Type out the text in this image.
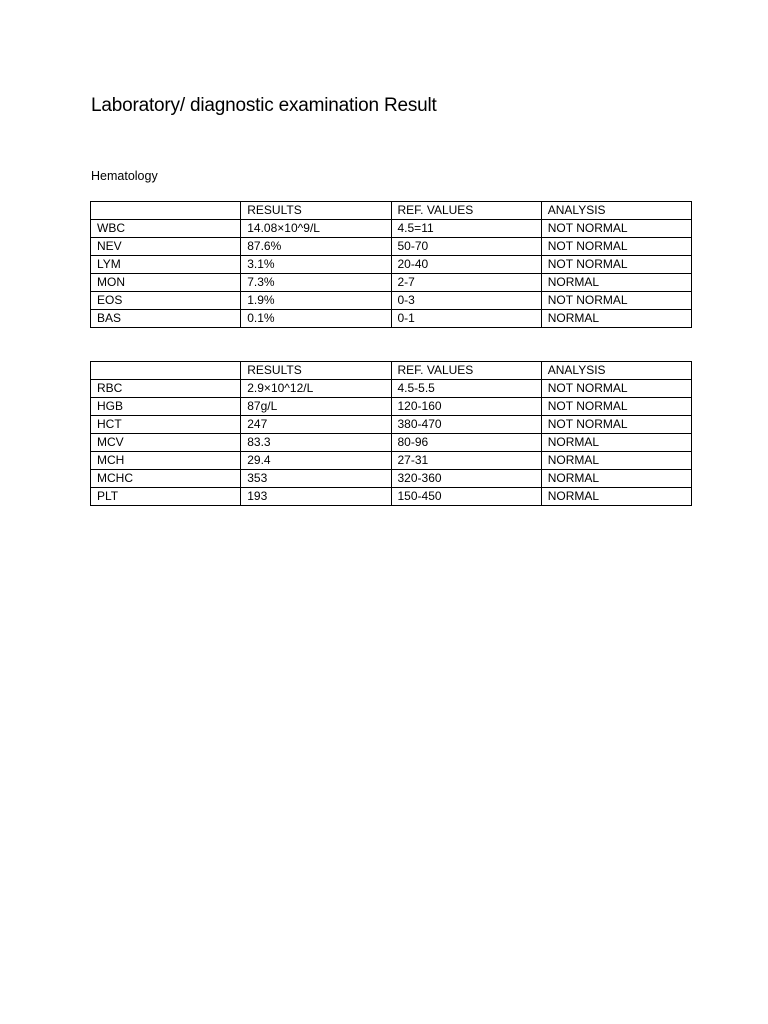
Laboratory/ diagnostic examination Result
Hematology
	RESULTS	REF. VALUES	ANALYSIS
WBC	14.08×10^9/L	4.5=11	NOT NORMAL
NEV	87.6%	50-70	NOT NORMAL
LYM	3.1%	20-40	NOT NORMAL
MON	7.3%	2-7	NORMAL
EOS	1.9%	0-3	NOT NORMAL
BAS	0.1%	0-1	NORMAL
	RESULTS	REF. VALUES	ANALYSIS
RBC	2.9×10^12/L	4.5-5.5	NOT NORMAL
HGB	87g/L	120-160	NOT NORMAL
HCT	247	380-470	NOT NORMAL
MCV	83.3	80-96	NORMAL
MCH	29.4	27-31	NORMAL
MCHC	353	320-360	NORMAL
PLT	193	150-450	NORMAL
